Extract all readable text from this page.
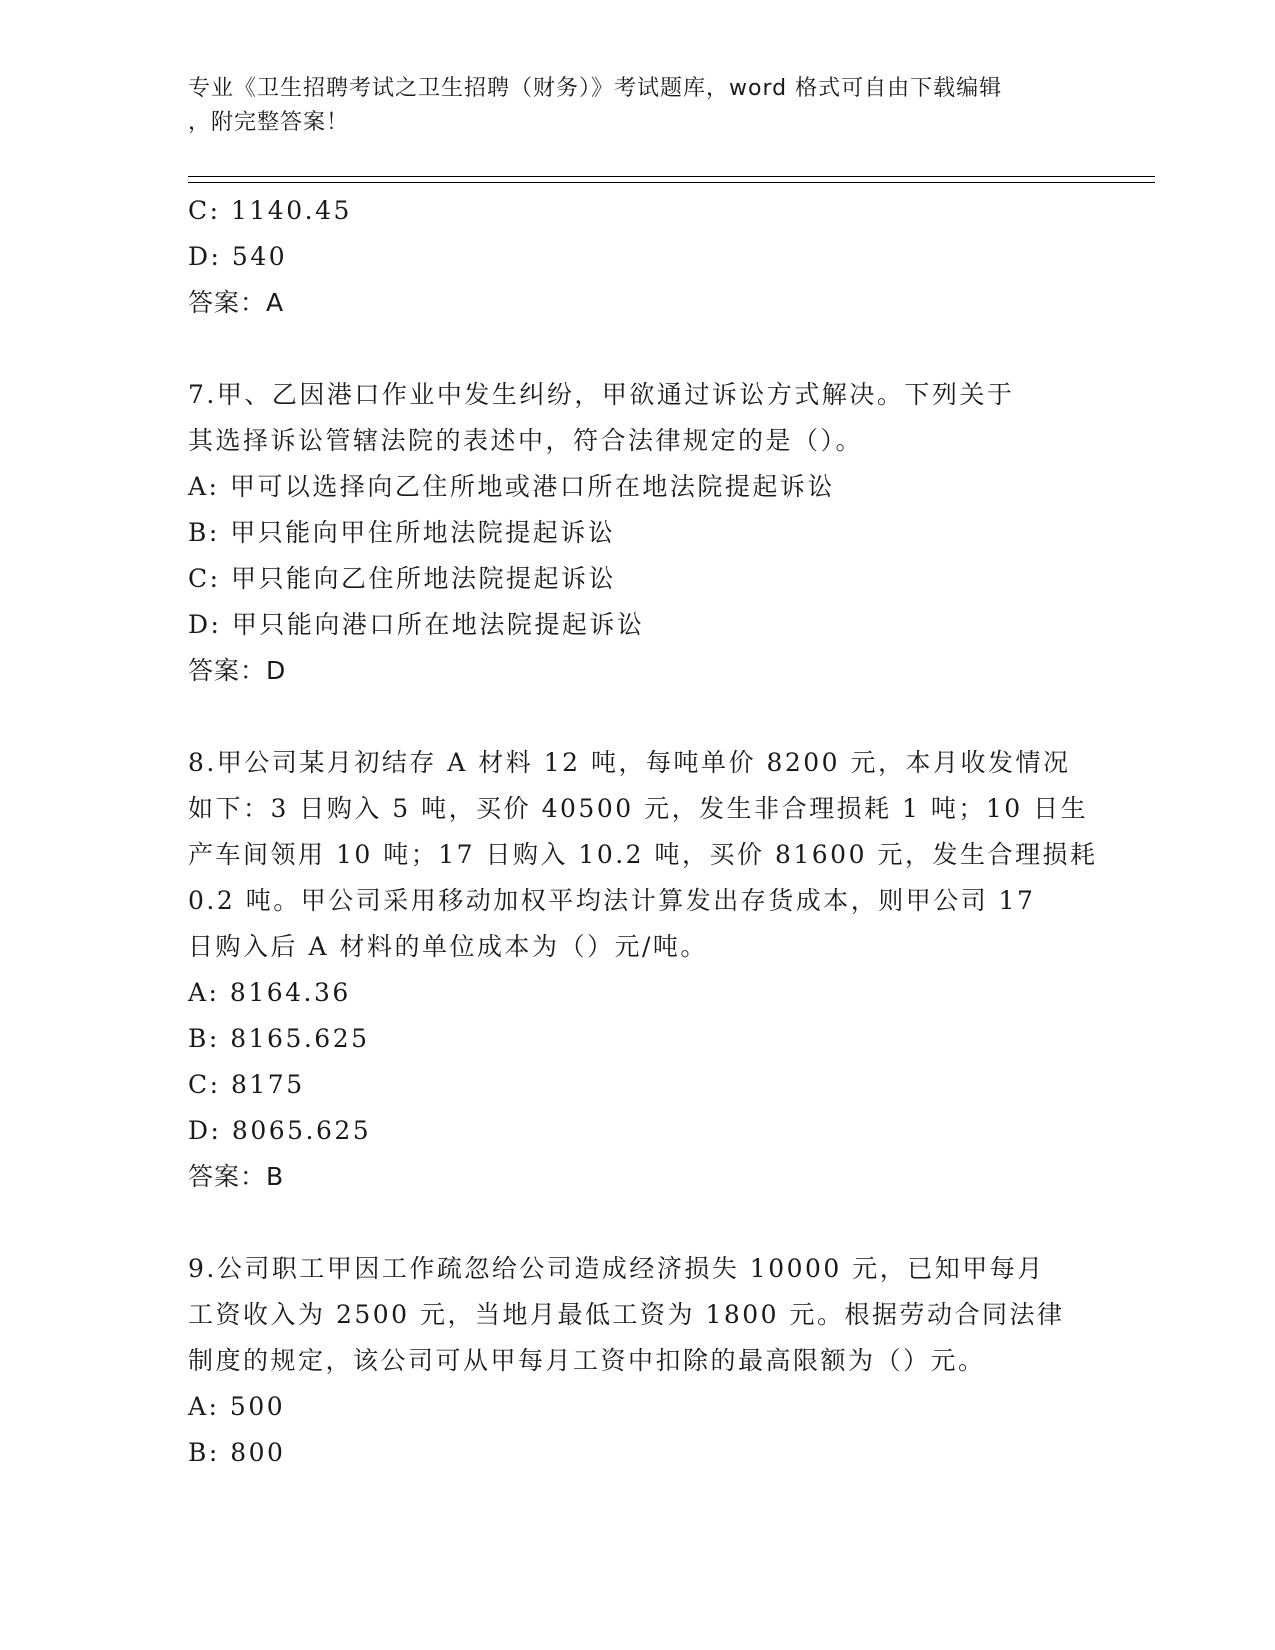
专业《卫生招聘考试之卫生招聘（财务）》考试题库，word 格式可自由下载编辑
，附完整答案！
C: 1140.45
D: 540
答案：A
7.甲、乙因港口作业中发生纠纷，甲欲通过诉讼方式解决。下列关于
其选择诉讼管辖法院的表述中，符合法律规定的是（）。
A: 甲可以选择向乙住所地或港口所在地法院提起诉讼
B: 甲只能向甲住所地法院提起诉讼
C: 甲只能向乙住所地法院提起诉讼
D: 甲只能向港口所在地法院提起诉讼
答案：D
8.甲公司某月初结存 A 材料 12 吨，每吨单价 8200 元，本月收发情况
如下：3 日购入 5 吨，买价 40500 元，发生非合理损耗 1 吨；10 日生
产车间领用 10 吨；17 日购入 10.2 吨，买价 81600 元，发生合理损耗
0.2 吨。甲公司采用移动加权平均法计算发出存货成本，则甲公司 17
日购入后 A 材料的单位成本为（）元/吨。
A: 8164.36
B: 8165.625
C: 8175
D: 8065.625
答案：B
9.公司职工甲因工作疏忽给公司造成经济损失 10000 元，已知甲每月
工资收入为 2500 元，当地月最低工资为 1800 元。根据劳动合同法律
制度的规定，该公司可从甲每月工资中扣除的最高限额为（）元。
A: 500
B: 800
